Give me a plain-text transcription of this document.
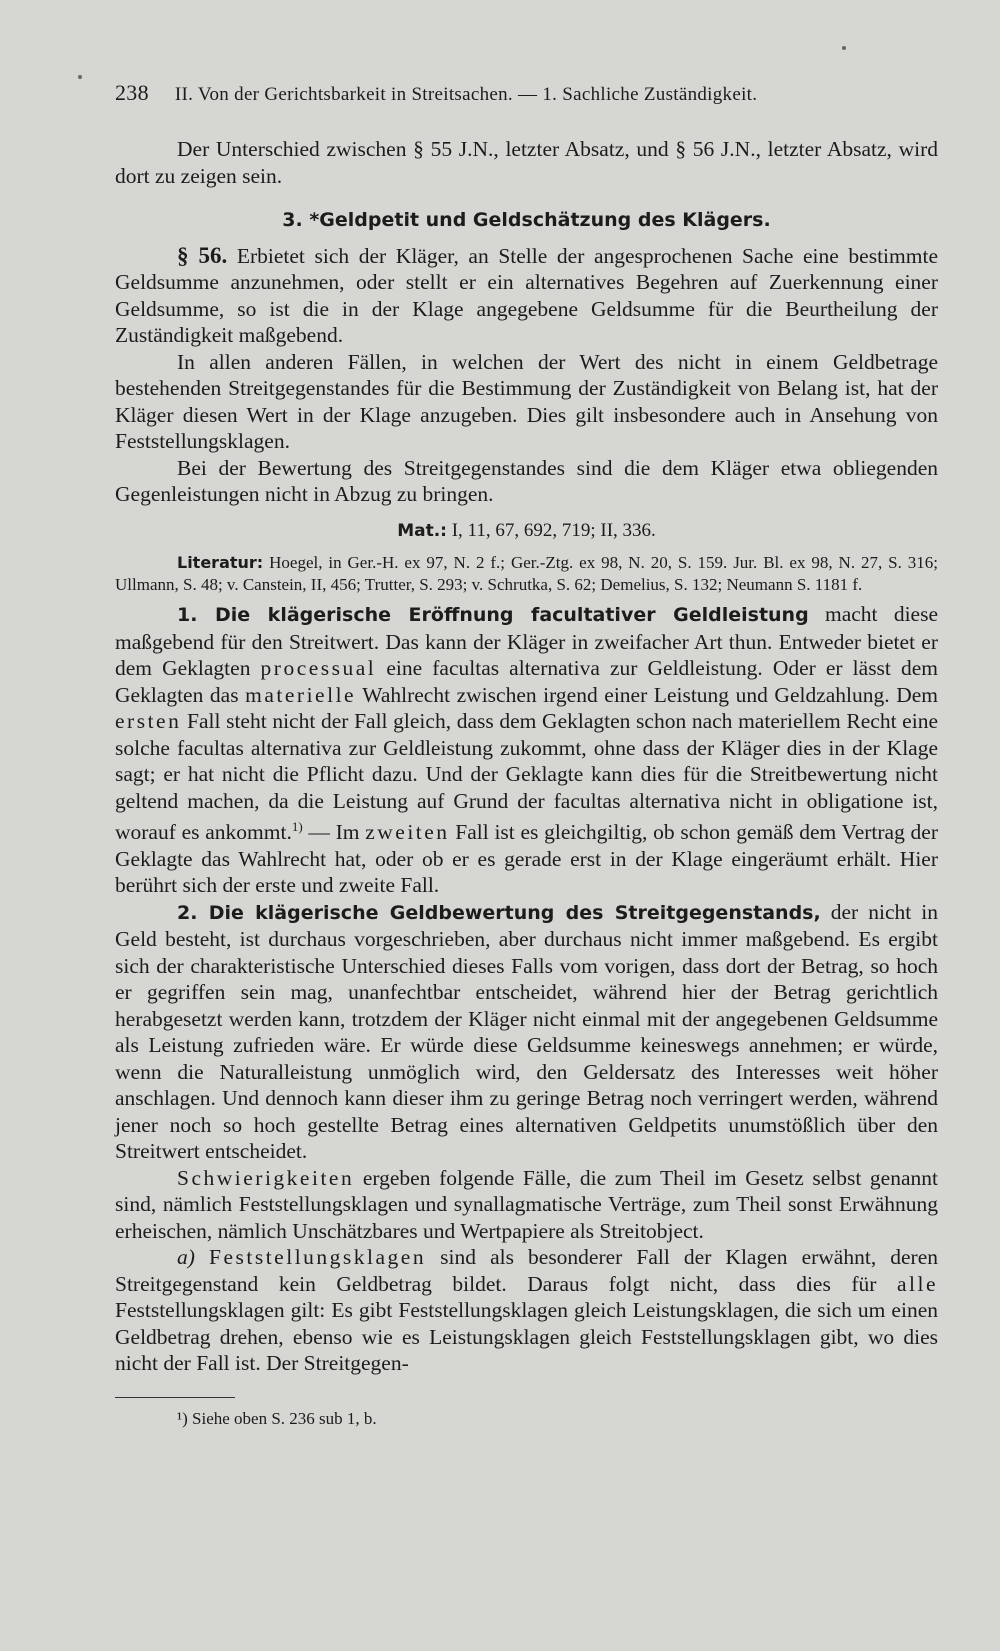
238 II. Von der Gerichtsbarkeit in Streitsachen. — 1. Sachliche Zuständigkeit.

Der Unterschied zwischen § 55 J.N., letzter Absatz, und § 56 J.N., letzter Absatz, wird dort zu zeigen sein.

3. *Geldpetit und Geldschätzung des Klägers.

§ 56. Erbietet sich der Kläger, an Stelle der angesprochenen Sache eine bestimmte Geldsumme anzunehmen, oder stellt er ein alternatives Begehren auf Zuerkennung einer Geldsumme, so ist die in der Klage angegebene Geldsumme für die Beurtheilung der Zuständigkeit maßgebend.

In allen anderen Fällen, in welchen der Wert des nicht in einem Geldbetrage bestehenden Streitgegenstandes für die Bestimmung der Zuständigkeit von Belang ist, hat der Kläger diesen Wert in der Klage anzugeben. Dies gilt insbesondere auch in Ansehung von Feststellungsklagen.

Bei der Bewertung des Streitgegenstandes sind die dem Kläger etwa obliegenden Gegenleistungen nicht in Abzug zu bringen.

Mat.: I, 11, 67, 692, 719; II, 336.

Literatur: Hoegel, in Ger.-H. ex 97, N. 2 f.; Ger.-Ztg. ex 98, N. 20, S. 159. Jur. Bl. ex 98, N. 27, S. 316; Ullmann, S. 48; v. Canstein, II, 456; Trutter, S. 293; v. Schrutka, S. 62; Demelius, S. 132; Neumann S. 1181 f.

1. Die klägerische Eröffnung facultativer Geldleistung macht diese maßgebend für den Streitwert. Das kann der Kläger in zweifacher Art thun. Entweder bietet er dem Geklagten processual eine facultas alternativa zur Geldleistung. Oder er lässt dem Geklagten das materielle Wahlrecht zwischen irgend einer Leistung und Geldzahlung. Dem ersten Fall steht nicht der Fall gleich, dass dem Geklagten schon nach materiellem Recht eine solche facultas alternativa zur Geldleistung zukommt, ohne dass der Kläger dies in der Klage sagt; er hat nicht die Pflicht dazu. Und der Geklagte kann dies für die Streitbewertung nicht geltend machen, da die Leistung auf Grund der facultas alternativa nicht in obligatione ist, worauf es ankommt.$^{1)}$ — Im zweiten Fall ist es gleichgiltig, ob schon gemäß dem Vertrag der Geklagte das Wahlrecht hat, oder ob er es gerade erst in der Klage eingeräumt erhält. Hier berührt sich der erste und zweite Fall.

2. Die klägerische Geldbewertung des Streitgegenstands, der nicht in Geld besteht, ist durchaus vorgeschrieben, aber durchaus nicht immer maßgebend. Es ergibt sich der charakteristische Unterschied dieses Falls vom vorigen, dass dort der Betrag, so hoch er gegriffen sein mag, unanfechtbar entscheidet, während hier der Betrag gerichtlich herabgesetzt werden kann, trotzdem der Kläger nicht einmal mit der angegebenen Geldsumme als Leistung zufrieden wäre. Er würde diese Geldsumme keineswegs annehmen; er würde, wenn die Naturalleistung unmöglich wird, den Geldersatz des Interesses weit höher anschlagen. Und dennoch kann dieser ihm zu geringe Betrag noch verringert werden, während jener noch so hoch gestellte Betrag eines alternativen Geldpetits unumstößlich über den Streitwert entscheidet.

Schwierigkeiten ergeben folgende Fälle, die zum Theil im Gesetz selbst genannt sind, nämlich Feststellungsklagen und synallagmatische Verträge, zum Theil sonst Erwähnung erheischen, nämlich Unschätzbares und Wertpapiere als Streitobject.

a) Feststellungsklagen sind als besonderer Fall der Klagen erwähnt, deren Streitgegenstand kein Geldbetrag bildet. Daraus folgt nicht, dass dies für alle Feststellungsklagen gilt: Es gibt Feststellungsklagen gleich Leistungsklagen, die sich um einen Geldbetrag drehen, ebenso wie es Leistungsklagen gleich Feststellungsklagen gibt, wo dies nicht der Fall ist. Der Streitgegen-

¹) Siehe oben S. 236 sub 1, b.
